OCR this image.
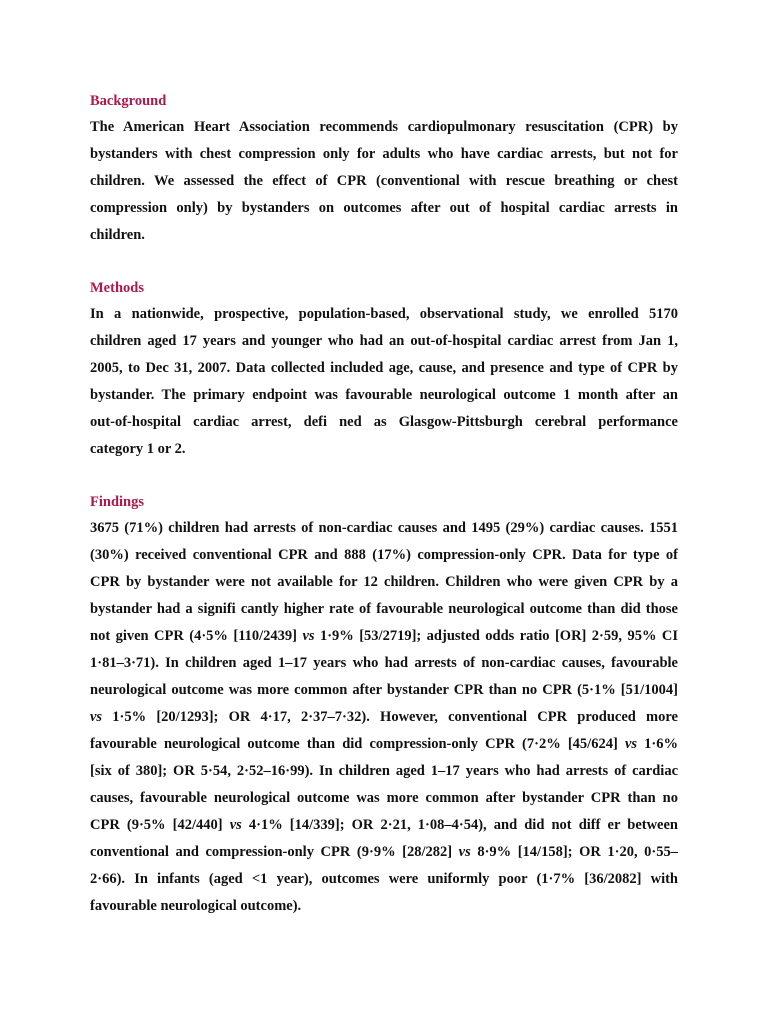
Background

The American Heart Association recommends cardiopulmonary resuscitation (CPR) by
bystanders with chest compression only for adults who have cardiac arrests, but not for
children. We assessed the effect of CPR (conventional with rescue breathing or chest
compression only) by bystanders on outcomes after out of hospital cardiac arrests in
children.

Methods

In a nationwide, prospective, population-based, observational study, we enrolled 5170
children aged 17 years and younger who had an out-of-hospital cardiac arrest from Jan 1,
2005, to Dec 31, 2007. Data collected included age, cause, and presence and type of CPR by
bystander. The primary endpoint was favourable neurological outcome 1 month after an
out-of-hospital cardiac arrest, defi ned as Glasgow-Pittsburgh cerebral performance
category 1 or 2.

Findings

3675 (71%) children had arrests of non-cardiac causes and 1495 (29%) cardiac causes. 1551
(30%) received conventional CPR and 888 (17%) compression-only CPR. Data for type of
CPR by bystander were not available for 12 children. Children who were given CPR by a
bystander had a signifi cantly higher rate of favourable neurological outcome than did those
not given CPR (4·5% [110/2439] vs 1·9% [53/2719]; adjusted odds ratio [OR] 2·59, 95% CI
1·81–3·71). In children aged 1–17 years who had arrests of non-cardiac causes, favourable
neurological outcome was more common after bystander CPR than no CPR (5·1% [51/1004]
vs 1·5% [20/1293]; OR 4·17, 2·37–7·32). However, conventional CPR produced more
favourable neurological outcome than did compression-only CPR (7·2% [45/624] vs 1·6%
[six of 380]; OR 5·54, 2·52–16·99). In children aged 1–17 years who had arrests of cardiac
causes, favourable neurological outcome was more common after bystander CPR than no
CPR (9·5% [42/440] vs 4·1% [14/339]; OR 2·21, 1·08–4·54), and did not diff er between
conventional and compression-only CPR (9·9% [28/282] vs 8·9% [14/158]; OR 1·20, 0·55–
2·66). In infants (aged <1 year), outcomes were uniformly poor (1·7% [36/2082] with
favourable neurological outcome).
